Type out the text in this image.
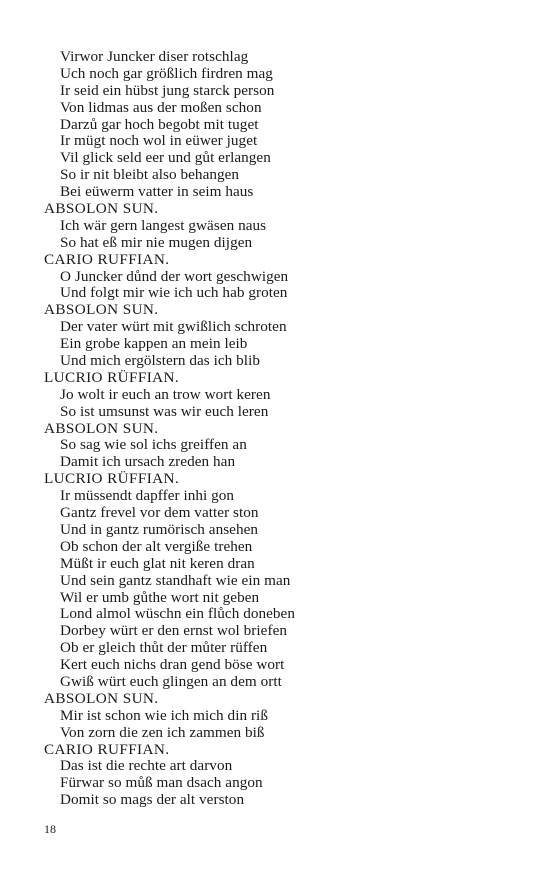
Virwor Juncker diser rotschlag
Uch noch gar größlich firdren mag
Ir seid ein hübst jung starck person
Von lidmas aus der moßen schon
Darzů gar hoch begobt mit tuget
Ir mügt noch wol in eüwer juget
Vil glick seld eer und gůt erlangen
So ir nit bleibt also behangen
Bei eüwerm vatter in seim haus
ABSOLON SUN.
Ich wär gern langest gwäsen naus
So hat eß mir nie mugen dijgen
CARIO RUFFIAN.
O Juncker důnd der wort geschwigen
Und folgt mir wie ich uch hab groten
ABSOLON SUN.
Der vater würt mit gwißlich schroten
Ein grobe kappen an mein leib
Und mich ergölstern das ich blib
LUCRIO RÜFFIAN.
Jo wolt ir euch an trow wort keren
So ist umsunst was wir euch leren
ABSOLON SUN.
So sag wie sol ichs greiffen an
Damit ich ursach zreden han
LUCRIO RÜFFIAN.
Ir müssendt dapffer inhi gon
Gantz frevel vor dem vatter ston
Und in gantz rumörisch ansehen
Ob schon der alt vergiße trehen
Müßt ir euch glat nit keren dran
Und sein gantz standhaft wie ein man
Wil er umb gůthe wort nit geben
Lond almol wüschn ein flůch doneben
Dorbey würt er den ernst wol briefen
Ob er gleich thůt der můter rüffen
Kert euch nichs dran gend böse wort
Gwiß würt euch glingen an dem ortt
ABSOLON SUN.
Mir ist schon wie ich mich din riß
Von zorn die zen ich zammen biß
CARIO RUFFIAN.
Das ist die rechte art darvon
Fürwar so můß man dsach angon
Domit so mags der alt verston
18
